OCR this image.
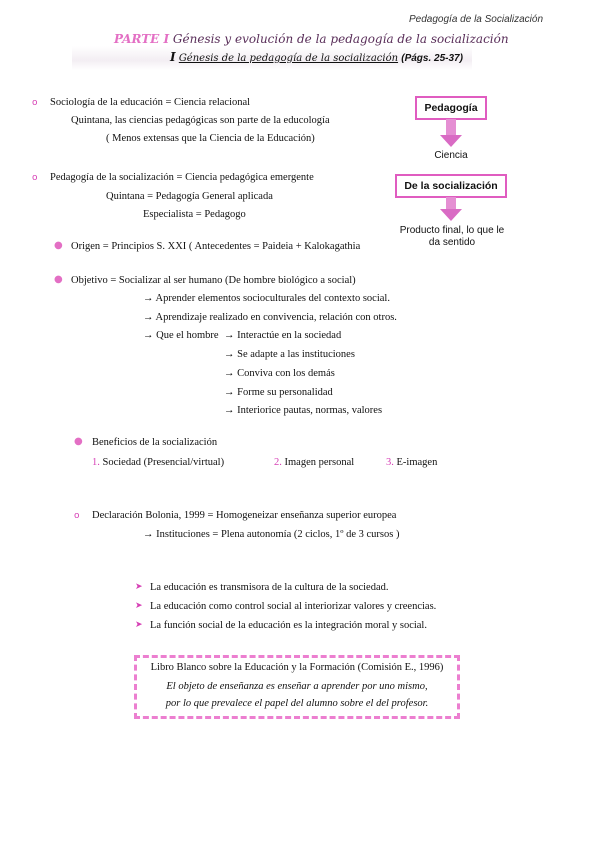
Pedagogía de la Socialización
PARTE I Génesis y evolución de la pedagogía de la socialización
I Génesis de la pedagogía de la socialización (Págs. 25-37)
Pedagogía
Ciencia
De la socialización
Producto final, lo que le
da sentido
o Sociología de la educación = Ciencia relacional
Quintana, las ciencias pedagógicas son parte de la educología
( Menos extensas que la Ciencia de la Educación)
o Pedagogía de la socialización = Ciencia pedagógica emergente
Quintana = Pedagogía General aplicada
Especialista = Pedagogo
● Origen = Principios S. XXI ( Antecedentes = Paideia + Kalokagathia
● Objetivo = Socializar al ser humano (De hombre biológico a social)
→ Aprender elementos socioculturales del contexto social.
→ Aprendizaje realizado en convivencia, relación con otros.
→ Que el hombre → Interactúe en la sociedad
→ Se adapte a las instituciones
→ Conviva con los demás
→ Forme su personalidad
→ Interiorice pautas, normas, valores
● Beneficios de la socialización
1. Sociedad (Presencial/virtual)	2. Imagen personal	3. E-imagen
o Declaración Bolonia, 1999 = Homogeneizar enseñanza superior europea
→ Instituciones = Plena autonomía (2 ciclos, 1º de 3 cursos )
➤ La educación es transmisora de la cultura de la sociedad.
➤ La educación como control social al interiorizar valores y creencias.
➤ La función social de la educación es la integración moral y social.
Libro Blanco sobre la Educación y la Formación (Comisión E., 1996)
El objeto de enseñanza es enseñar a aprender por uno mismo,
por lo que prevalece el papel del alumno sobre el del profesor.
